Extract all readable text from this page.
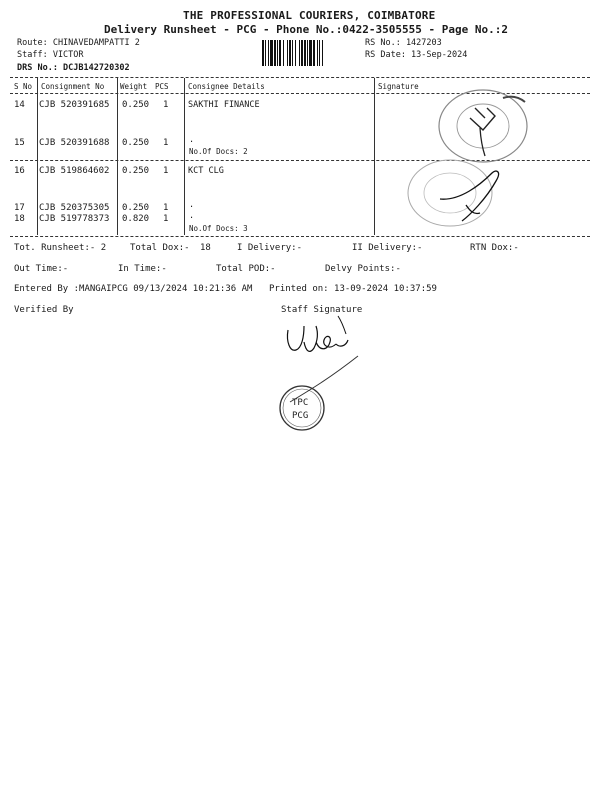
THE PROFESSIONAL COURIERS, COIMBATORE
Delivery Runsheet - PCG - Phone No.:0422-3505555 - Page No.:2
Route: CHINAVEDAMPATTI 2
Staff: VICTOR
DRS No.: DCJB142720302
RS No.: 1427203
RS Date: 13-Sep-2024
S No Consignment No Weight PCS	Consignee Details	Signature
14 CJB 520391685 0.250 1 SAKTHI FINANCE
15 CJB 520391688 0.250 1 .
No.Of Docs: 2
16 CJB 519864602 0.250 1 KCT CLG
17 CJB 520375305 0.250 1 .
18 CJB 519778373 0.820 1 .
No.Of Docs: 3
Tot. Runsheet:- 2	Total Dox:- 18	I Delivery:-	II Delivery:-	RTN Dox:-
Out Time:-	In Time:-	Total POD:-	Delvy Points:-
Entered By :MANGAIPCG 09/13/2024 10:21:36 AM Printed on: 13-09-2024 10:37:59
Verified By	Staff Signature
TPC
PCG
